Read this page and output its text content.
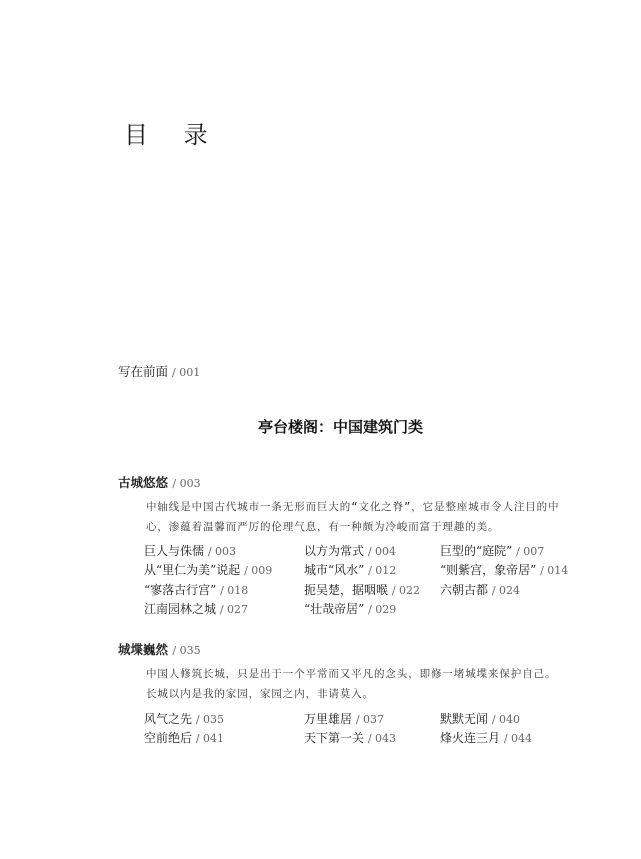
目 录
写在前面 / 001
亭台楼阁：中国建筑门类
古城悠悠 / 003
中轴线是中国古代城市一条无形而巨大的“文化之脊”，它是整座城市令人注目的中心，渗蕴着温馨而严厉的伦理气息，有一种颇为冷峻而富于理趣的美。
巨人与侏儒 / 003	以方为常式 / 004	巨型的“庭院” / 007
从“里仁为美”说起 / 009	城市“风水” / 012	“则紫宫，象帝居” / 014
“寥落古行宫” / 018	扼吴楚，据咽喉 / 022	六朝古都 / 024
江南园林之城 / 027	“壮哉帝居” / 029
城堞巍然 / 035
中国人修筑长城，只是出于一个平常而又平凡的念头，即修一堵城堞来保护自己。长城以内是我的家园，家园之内，非请莫入。
风气之先 / 035	万里雄居 / 037	默默无闻 / 040
空前绝后 / 041	天下第一关 / 043	烽火连三月 / 044
